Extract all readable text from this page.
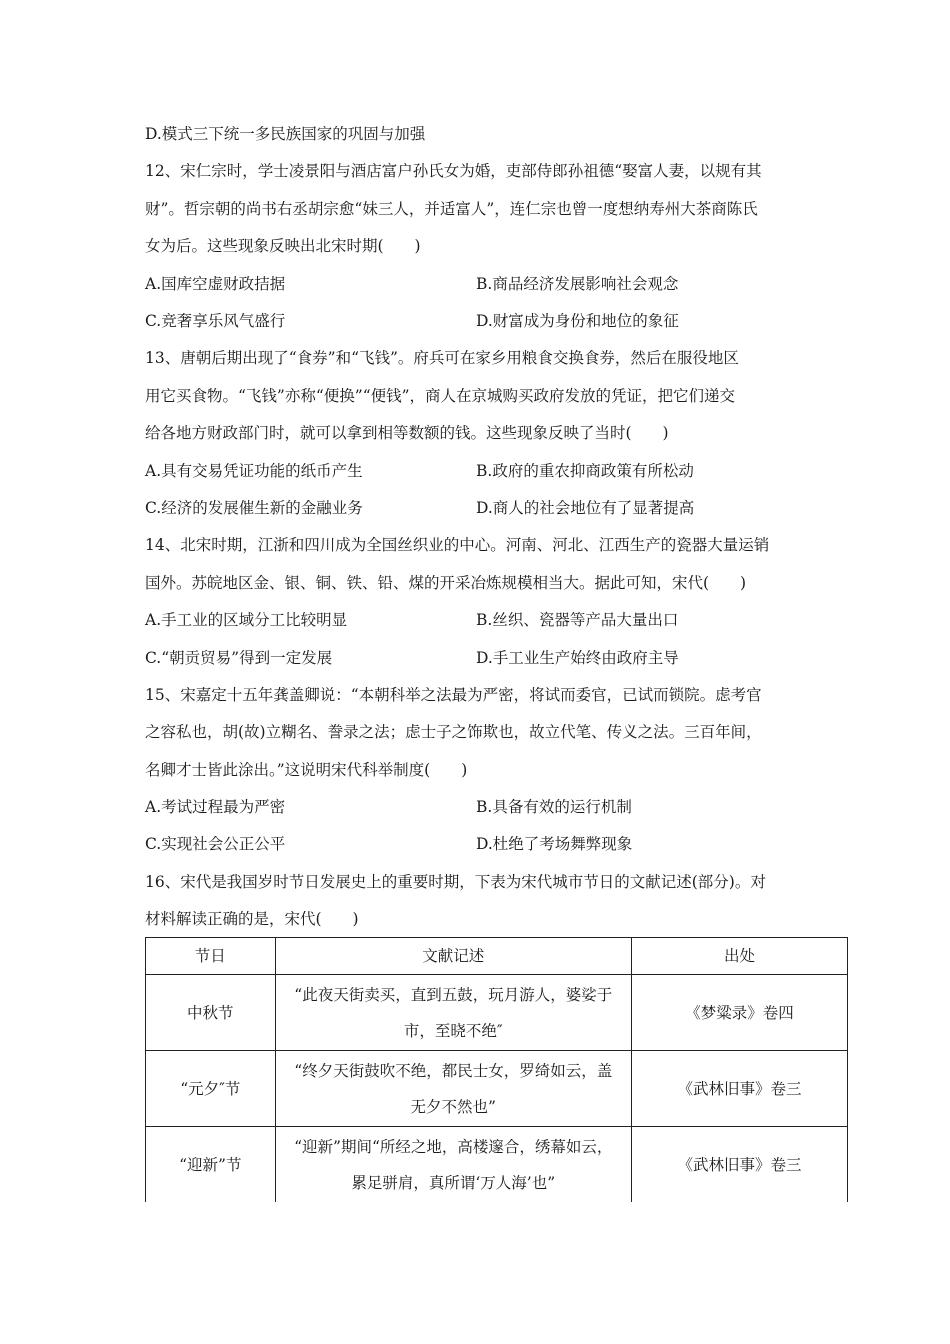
D.模式三下统一多民族国家的巩固与加强
12、宋仁宗时，学士凌景阳与酒店富户孙氏女为婚，吏部侍郎孙祖德“娶富人妻，以规有其
财”。哲宗朝的尚书右丞胡宗愈“妹三人，并适富人”，连仁宗也曾一度想纳寿州大茶商陈氏
女为后。这些现象反映出北宋时期(　　)
A.国库空虚财政拮据	B.商品经济发展影响社会观念
C.竞奢享乐风气盛行	D.财富成为身份和地位的象征
13、唐朝后期出现了“食券”和“飞钱”。府兵可在家乡用粮食交换食券，然后在服役地区
用它买食物。“飞钱”亦称“便换”“便钱”，商人在京城购买政府发放的凭证，把它们递交
给各地方财政部门时，就可以拿到相等数额的钱。这些现象反映了当时(　　)
A.具有交易凭证功能的纸币产生	B.政府的重农抑商政策有所松动
C.经济的发展催生新的金融业务	D.商人的社会地位有了显著提高
14、北宋时期，江浙和四川成为全国丝织业的中心。河南、河北、江西生产的瓷器大量运销
国外。苏皖地区金、银、铜、铁、铅、煤的开采冶炼规模相当大。据此可知，宋代(　　)
A.手工业的区域分工比较明显	B.丝织、瓷器等产品大量出口
C.“朝贡贸易”得到一定发展	D.手工业生产始终由政府主导
15、宋嘉定十五年龚盖卿说：“本朝科举之法最为严密，将试而委官，已试而锁院。虑考官
之容私也，胡(故)立糊名、誊录之法；虑士子之饰欺也，故立代笔、传义之法。三百年间，
名卿才士皆此涂出。”这说明宋代科举制度(　　)
A.考试过程最为严密	B.具备有效的运行机制
C.实现社会公正公平	D.杜绝了考场舞弊现象
16、宋代是我国岁时节日发展史上的重要时期，下表为宋代城市节日的文献记述(部分)。对
材料解读正确的是，宋代(　　)
节日	文献记述	出处
中秋节	“此夜天街卖买，直到五鼓，玩月游人，婆娑于
市，至晓不绝″	《梦粱录》卷四
“元夕″节	“终夕天街鼓吹不绝，都民士女，罗绮如云，盖
无夕不然也”	《武林旧事》卷三
“迎新”节	“迎新”期间“所经之地，高楼邃合，绣幕如云，
累足骈肩，真所谓‘万人海’也”	《武林旧事》卷三
